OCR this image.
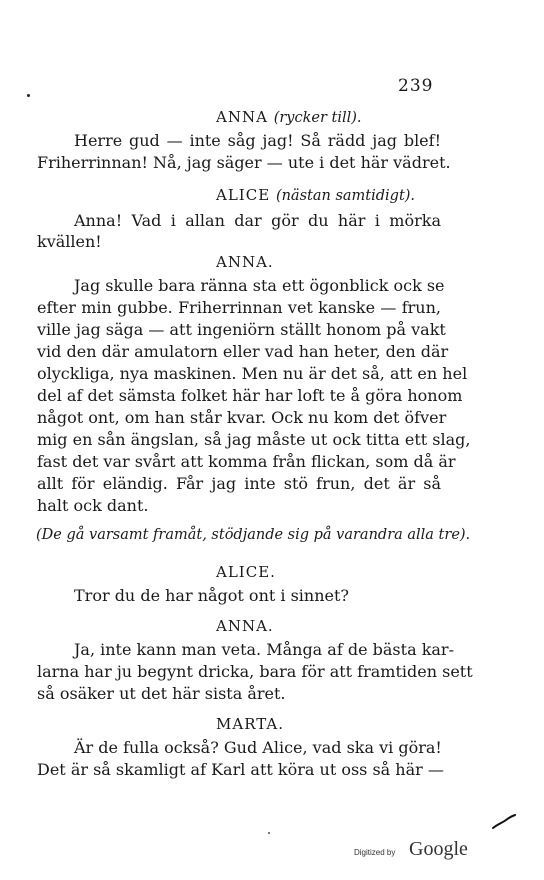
239
ANNA (rycker till).
Herre gud — inte såg jag! Så rädd jag blef!
Friherrinnan! Nå, jag säger — ute i det här vädret.
ALICE (nästan samtidigt).
Anna! Vad i allan dar gör du här i mörka
kvällen!
ANNA.
Jag skulle bara ränna sta ett ögonblick ock se
efter min gubbe. Friherrinnan vet kanske — frun,
ville jag säga — att ingeniörn ställt honom på vakt
vid den där amulatorn eller vad han heter, den där
olyckliga, nya maskinen. Men nu är det så, att en hel
del af det sämsta folket här har loft te å göra honom
något ont, om han står kvar. Ock nu kom det öfver
mig en sån ängslan, så jag måste ut ock titta ett slag,
fast det var svårt att komma från flickan, som då är
allt för eländig. Får jag inte stö frun, det är så
halt ock dant.
(De gå varsamt framåt, stödjande sig på varandra alla tre).
ALICE.
Tror du de har något ont i sinnet?
ANNA.
Ja, inte kann man veta. Många af de bästa kar-
larna har ju begynt dricka, bara för att framtiden sett
så osäker ut det här sista året.
MARTA.
Är de fulla också? Gud Alice, vad ska vi göra!
Det är så skamligt af Karl att köra ut oss så här —
Digitized by Google
